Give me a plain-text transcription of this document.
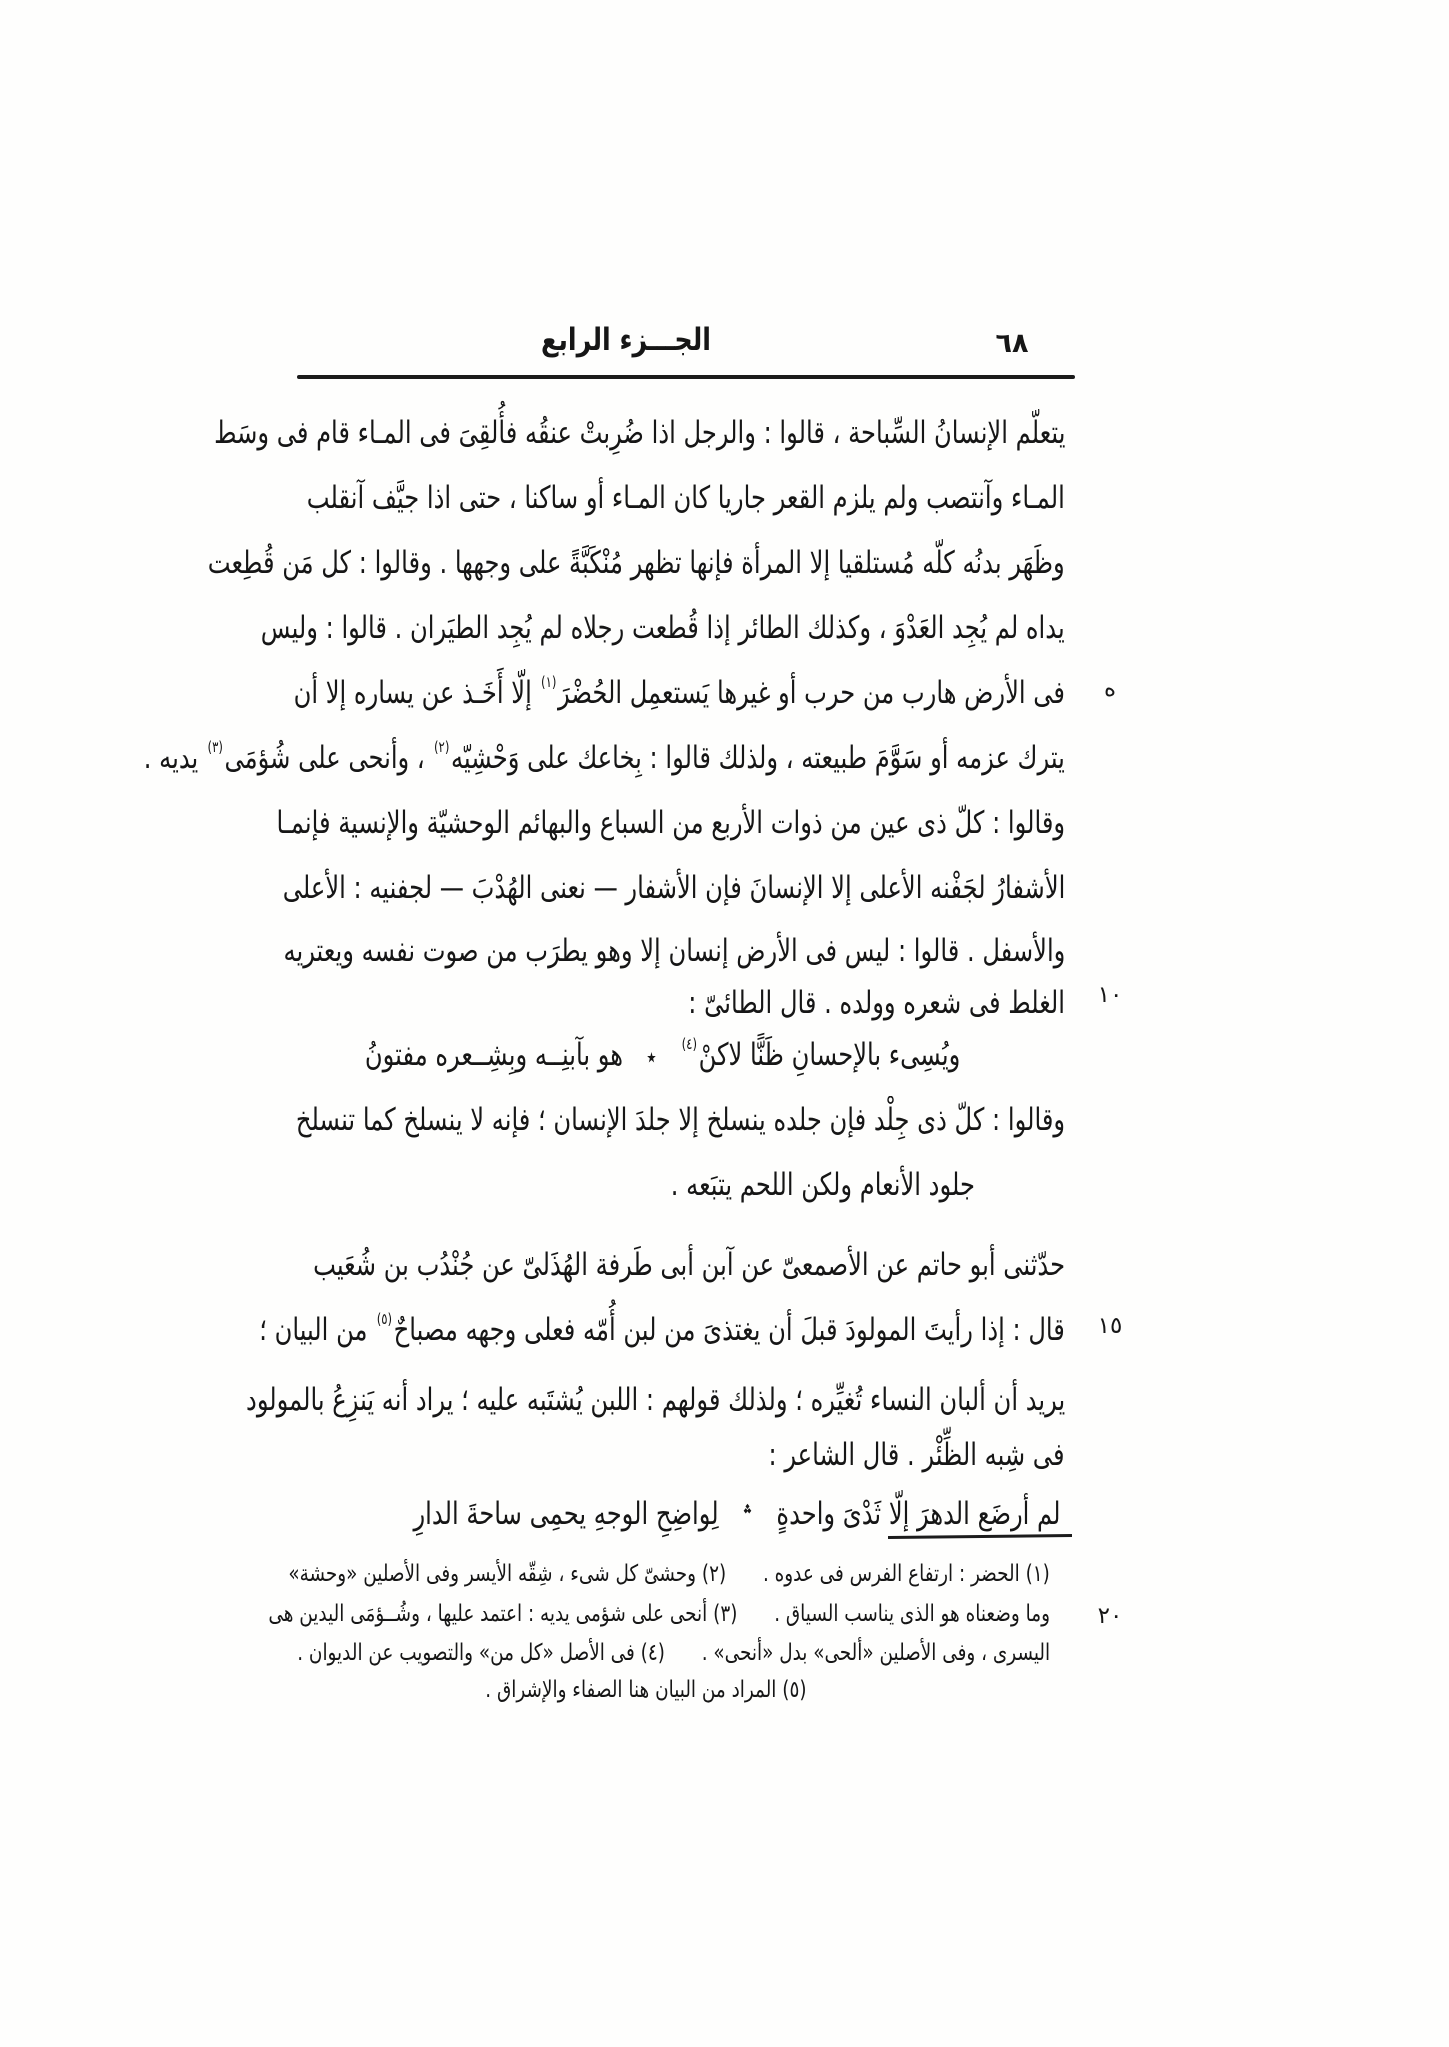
الجـــزء الرابع	٦٨
ه
١٠
١٥
٢٠
يتعلّم الإنسانُ السِّباحة ، قالوا : والرجل اذا ضُرِبتْ عنقُه فأُلقِىَ فى المـاء قام فى وسَط
المـاء وآنتصب ولم يلزم القعر جاريا كان المـاء أو ساكنا ، حتى اذا جيَّف آنقلب
وظَهَر بدنُه كلّه مُستلقيا إلا المرأة فإنها تظهر مُنْكَبَّةً على وجهها . وقالوا : كل مَن قُطِعت
يداه لم يُجِد العَدْوَ ، وكذلك الطائر إذا قُطعت رجلاه لم يُجِد الطيَران . قالوا : وليس
فى الأرض هارب من حرب أو غيرها يَستعمِل الحُضْرَ$^{(١)}$ إلّا أَخَـذ عن يساره إلا أن
يترك عزمه أو سَوَّمَ طبيعته ، ولذلك قالوا : بِخاعك على وَحْشِيّه$^{(٢)}$ ، وأنحى على شُؤمَى$^{(٣)}$ يديه .
وقالوا : كلّ ذى عين من ذوات الأربع من السباع والبهائم الوحشيّة والإنسية فإنمـا
الأشفارُ لجَفْنه الأعلى إلا الإنسانَ فإن الأشفار — نعنى الهُدْبَ — لجفنيه : الأعلى
والأسفل . قالوا : ليس فى الأرض إنسان إلا وهو يطرَب من صوت نفسه ويعتريه
الغلط فى شعره وولده . قال الطائىّ :
ويُسِىء بالإحسانِ ظَنًّا لاكنْ$^{(٤)}$٭هو بآبنِــه وبِشِــعره مفتونُ
وقالوا : كلّ ذى جِلْد فإن جلده ينسلخ إلا جلدَ الإنسان ؛ فإنه لا ينسلخ كما تنسلخ
جلود الأنعام ولكن اللحم يتبَعه .
حدّثنى أبو حاتم عن الأصمعىّ عن آبن أبى طَرفة الهُذَلىّ عن جُنْدُب بن شُعَيب
قال : إذا رأيتَ المولودَ قبلَ أن يغتذىَ من لبن أُمّه فعلى وجهه مصباحٌ$^{(٥)}$ من البيان ؛
يريد أن ألبان النساء تُغيِّره ؛ ولذلك قولهم : اللبن يُشتَبه عليه ؛ يراد أنه يَنزِعُ بالمولود
فى شِبه الظِّئْر . قال الشاعر :
لم أرضَع الدهرَ إلّا ثَدْىَ واحدةٍ؞لِواضِحِ الوجهِ يحمِى ساحةَ الدارِ
(١) الحضر : ارتفاع الفرس فى عدوه .  (٢) وحشىّ كل شىء ، شِقّه الأيسر وفى الأصلين «وحشة»
وما وضعناه هو الذى يناسب السياق .  (٣) أنحى على شؤمى يديه : اعتمد عليها ، وشُــؤمَى اليدين هى
اليسرى ، وفى الأصلين «ألحى» بدل «أنحى» .  (٤) فى الأصل «كل من» والتصويب عن الديوان .
(٥) المراد من البيان هنا الصفاء والإشراق .
